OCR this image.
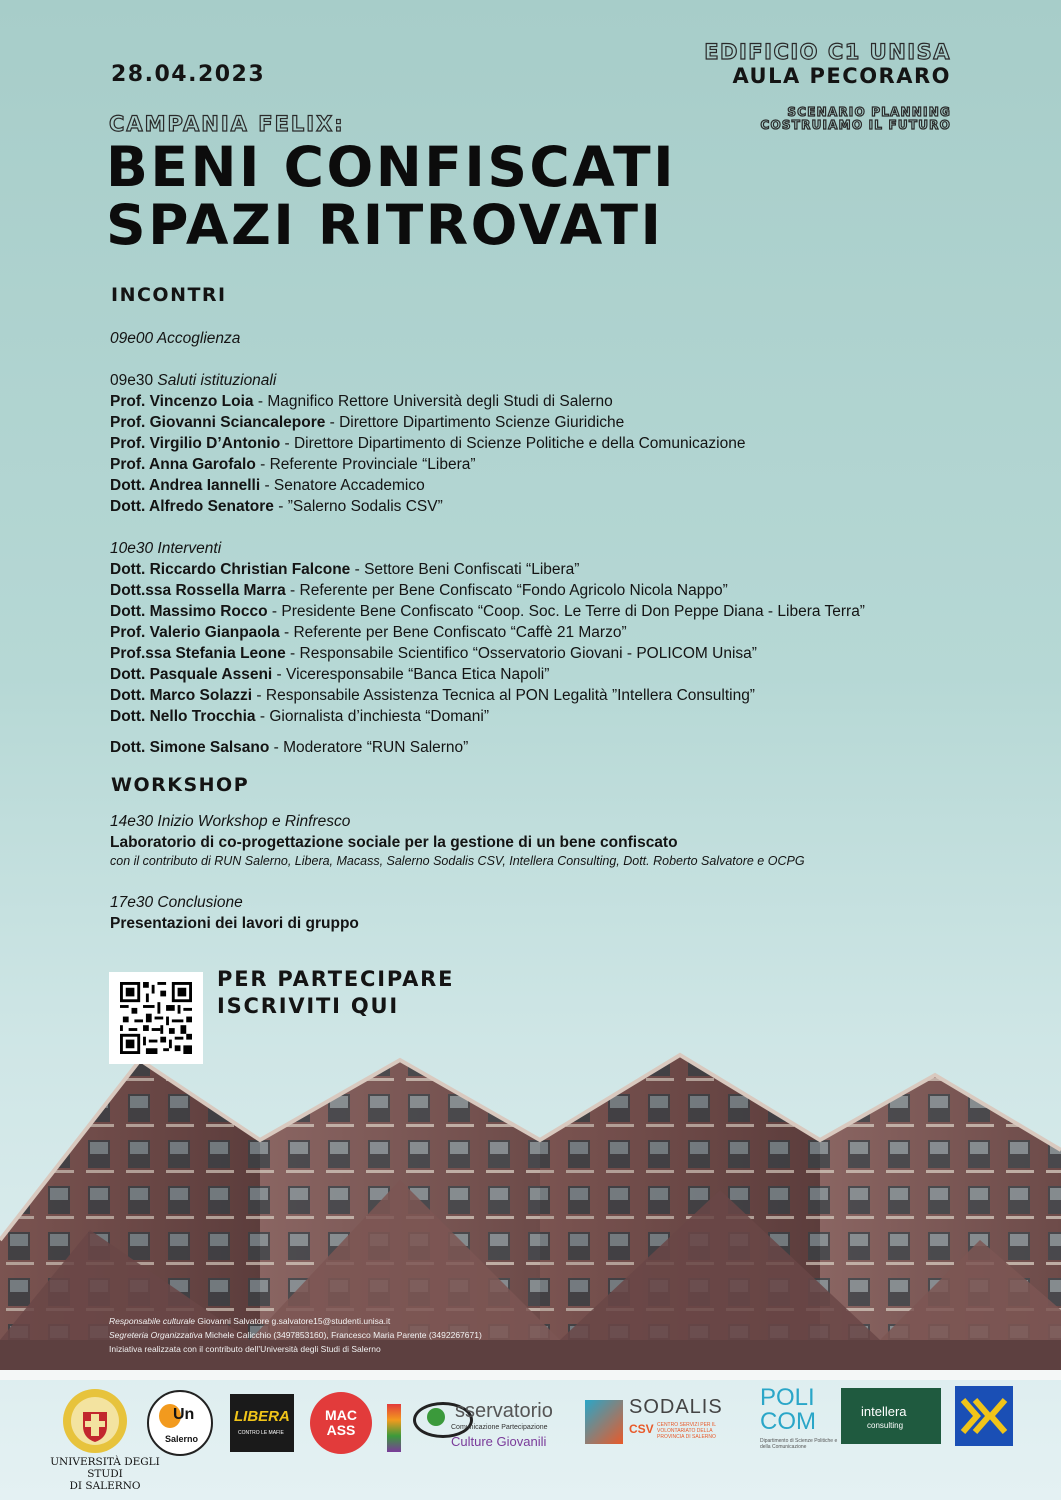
28.04.2023
EDIFICIO C1 UNISA
AULA PECORARO
CAMPANIA FELIX:	SCENARIO PLANNING
COSTRUIAMO IL FUTURO
BENI CONFISCATI
SPAZI RITROVATI
INCONTRI
09e00 Accoglienza
09e30 Saluti istituzionali
Prof. Vincenzo Loia - Magnifico Rettore Università degli Studi di Salerno
Prof. Giovanni Sciancalepore - Direttore Dipartimento Scienze Giuridiche
Prof. Virgilio D’Antonio - Direttore Dipartimento di Scienze Politiche e della Comunicazione
Prof. Anna Garofalo - Referente Provinciale “Libera”
Dott. Andrea Iannelli - Senatore Accademico
Dott. Alfredo Senatore - ”Salerno Sodalis CSV”
10e30 Interventi
Dott. Riccardo Christian Falcone - Settore Beni Confiscati “Libera”
Dott.ssa Rossella Marra - Referente per Bene Confiscato “Fondo Agricolo Nicola Nappo”
Dott. Massimo Rocco - Presidente Bene Confiscato “Coop. Soc. Le Terre di Don Peppe Diana - Libera Terra”
Prof. Valerio Gianpaola - Referente per Bene Confiscato “Caffè 21 Marzo”
Prof.ssa Stefania Leone - Responsabile Scientifico “Osservatorio Giovani - POLICOM Unisa”
Dott. Pasquale Asseni - Viceresponsabile “Banca Etica Napoli”
Dott. Marco Solazzi - Responsabile Assistenza Tecnica al PON Legalità ”Intellera Consulting”
Dott. Nello Trocchia - Giornalista d’inchiesta “Domani”
Dott. Simone Salsano - Moderatore “RUN Salerno”
WORKSHOP
14e30 Inizio Workshop e Rinfresco
Laboratorio di co-progettazione sociale per la gestione di un bene confiscato
con il contributo di RUN Salerno, Libera, Macass, Salerno Sodalis CSV, Intellera Consulting, Dott. Roberto Salvatore e OCPG
17e30 Conclusione
Presentazioni dei lavori di gruppo
PER PARTECIPARE
ISCRIVITI QUI
Responsabile culturale Giovanni Salvatore g.salvatore15@studenti.unisa.it
Segreteria Organizzativa Michele Calicchio (3497853160), Francesco Maria Parente (3492267671)
Iniziativa realizzata con il contributo dell’Università degli Studi di Salerno
UNIVERSITÀ DEGLI STUDI
DI SALERNO
Un
Salerno
LIBERA
CONTRO LE MAFIE
MAC
ASS
sservatorio
Comunicazione Partecipazione
Culture Giovanili
SODALIS
CSV CENTRO SERVIZI PER IL VOLONTARIATO DELLA PROVINCIA DI SALERNO
POLI
COM
Dipartimento di Scienze Politiche e della Comunicazione
intellera
consulting
